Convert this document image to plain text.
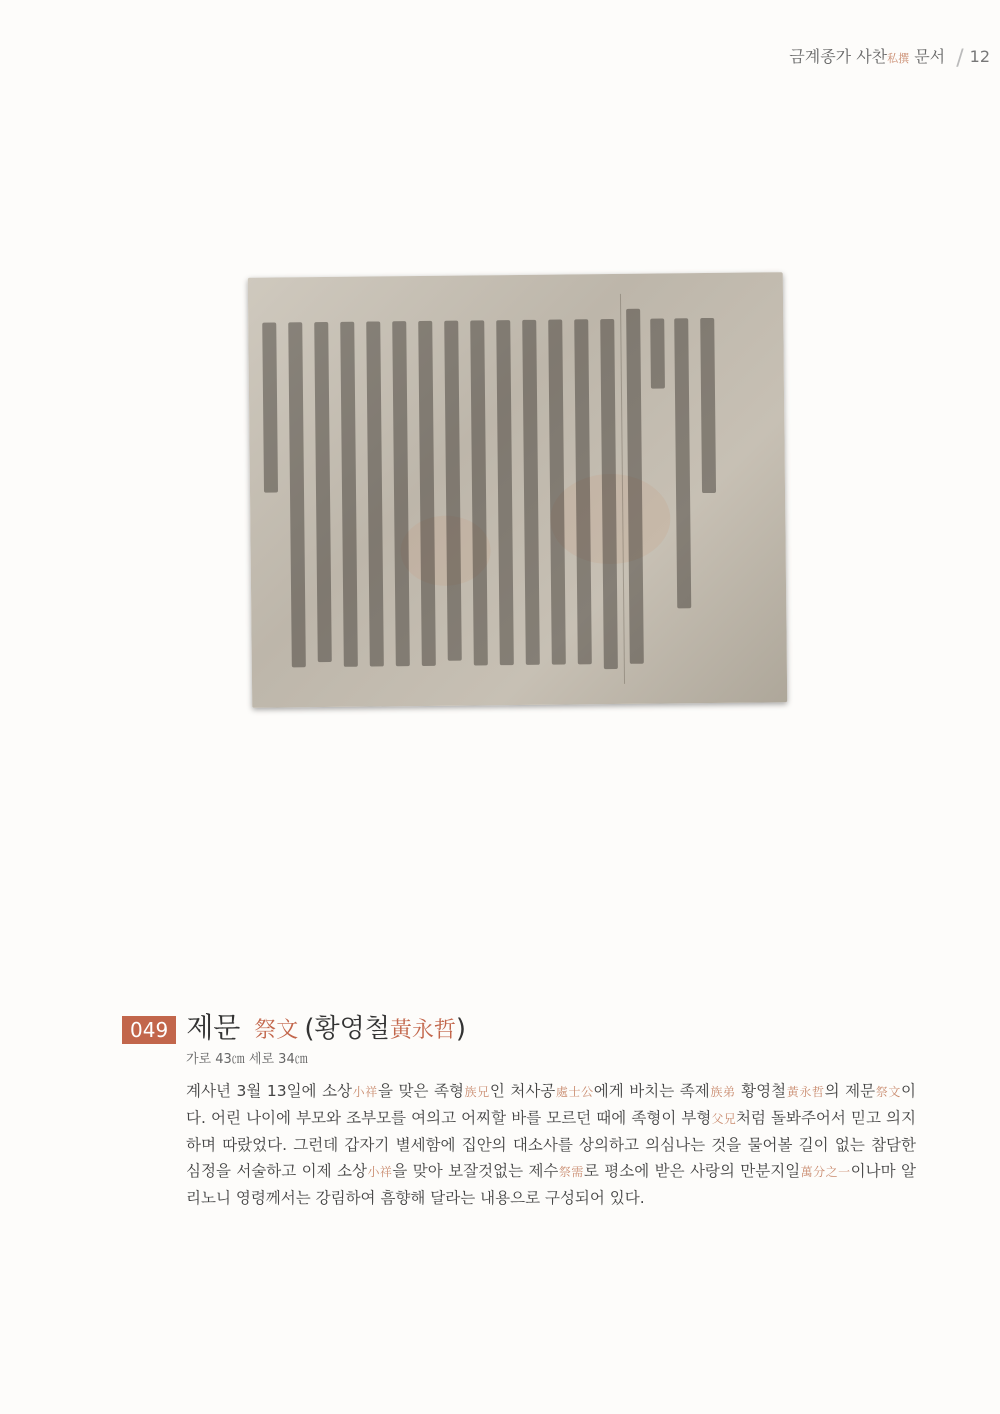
금계종가 사찬私撰 문서 / 12
049 제문 祭文 (황영철黃永哲)
가로 43㎝ 세로 34㎝
계사년 3월 13일에 소상小祥을 맞은 족형族兄인 처사공處士公에게 바치는 족제族弟 황영철黃永哲의 제문祭文이다. 어린 나이에 부모와 조부모를 여의고 어찌할 바를 모르던 때에 족형이 부형父兄처럼 돌봐주어서 믿고 의지하며 따랐었다. 그런데 갑자기 별세함에 집안의 대소사를 상의하고 의심나는 것을 물어볼 길이 없는 참담한 심정을 서술하고 이제 소상小祥을 맞아 보잘것없는 제수祭需로 평소에 받은 사랑의 만분지일萬分之一이나마 알리노니 영령께서는 강림하여 흠향해 달라는 내용으로 구성되어 있다.
